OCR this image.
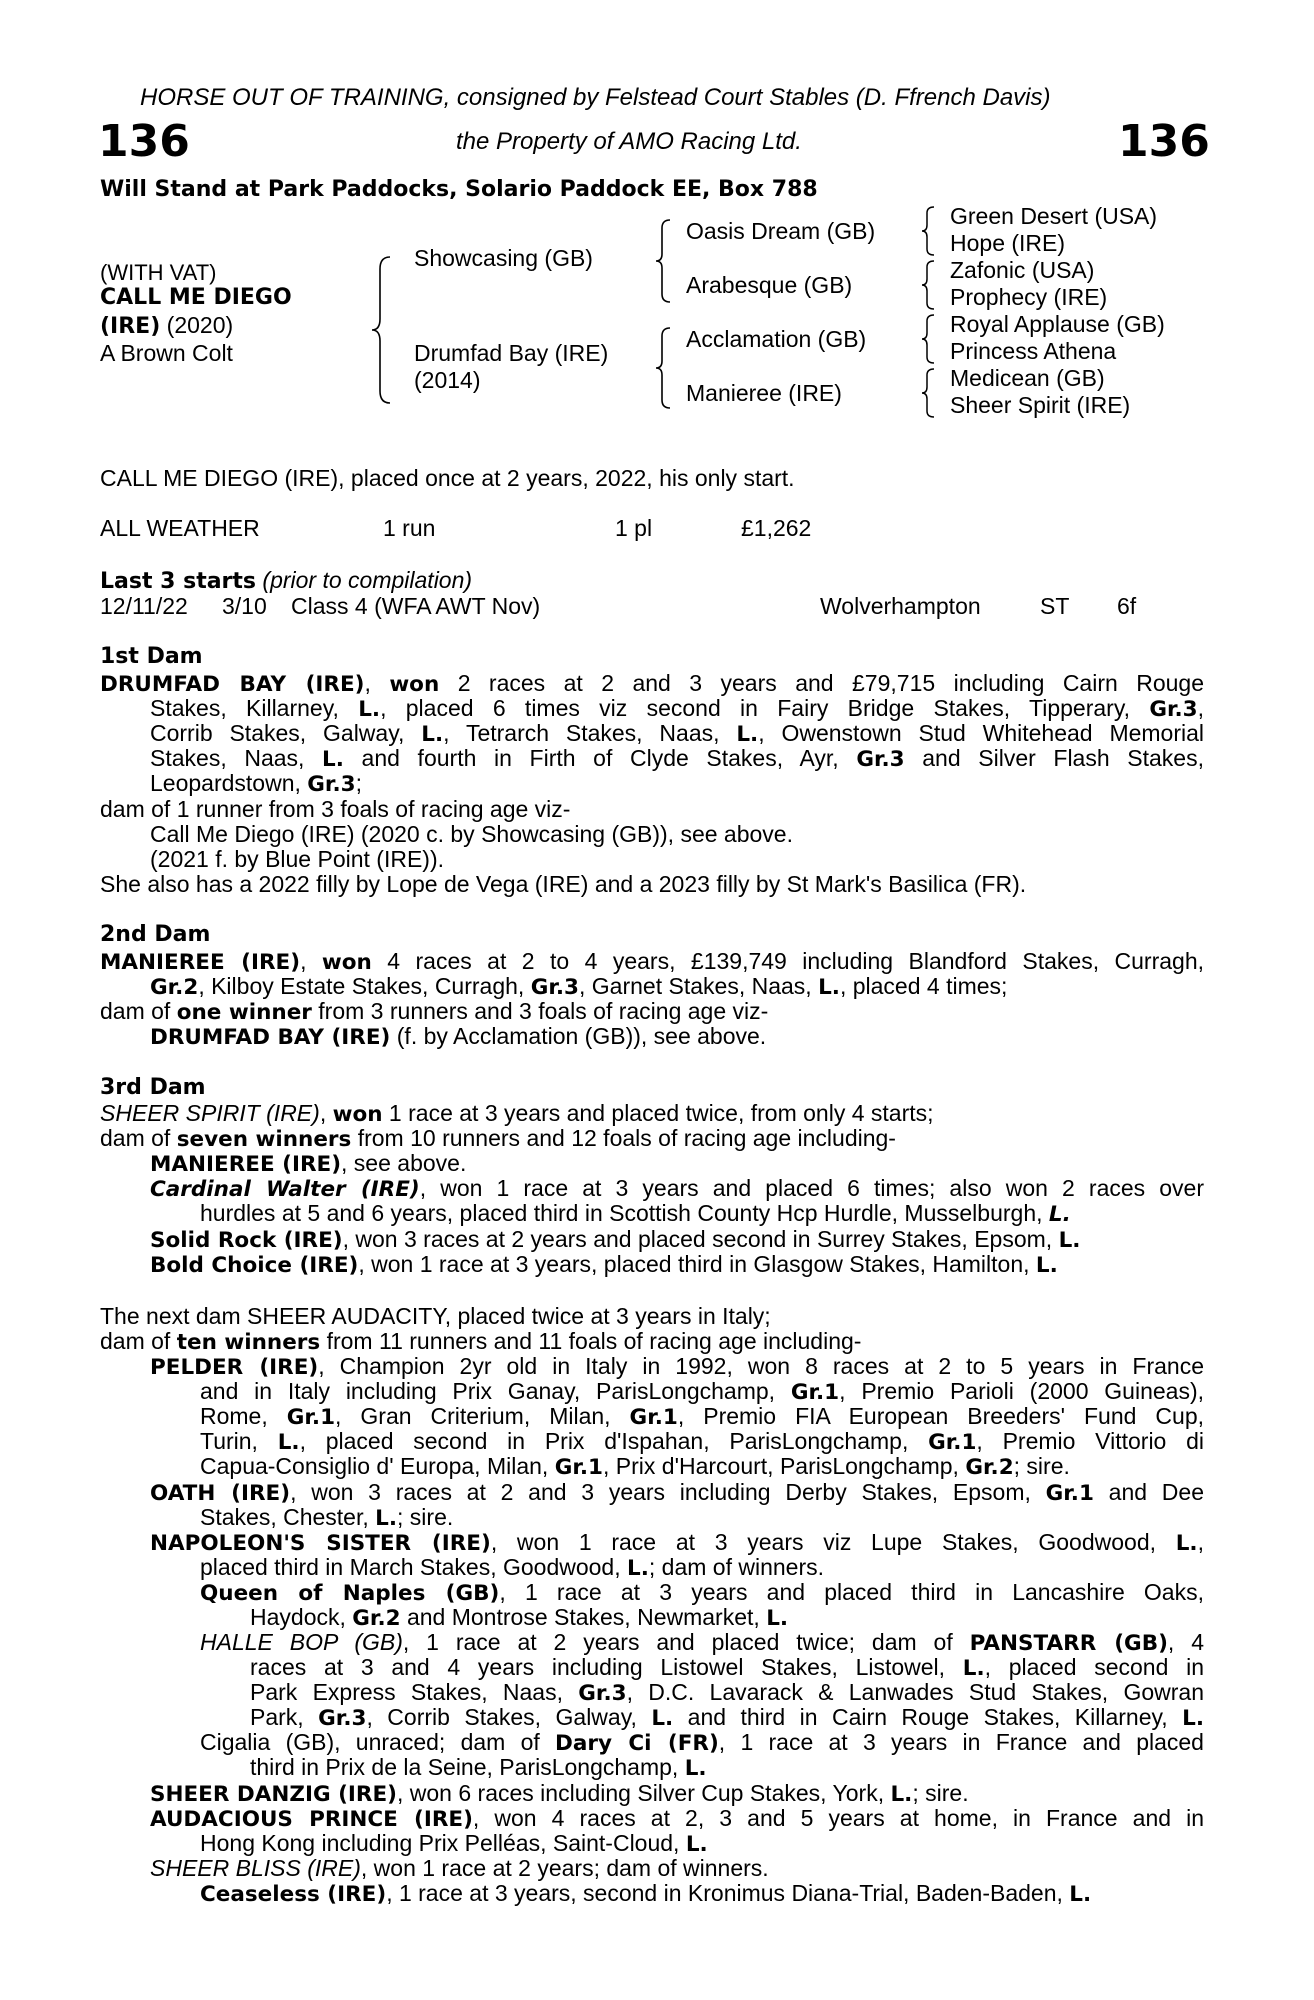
HORSE OUT OF TRAINING, consigned by Felstead Court Stables (D. Ffrench Davis)
136	the Property of AMO Racing Ltd.	136
Will Stand at Park Paddocks, Solario Paddock EE, Box 788
(WITH VAT)
CALL ME DIEGO
(IRE) (2020)
A Brown Colt
Showcasing (GB)
Drumfad Bay (IRE)
(2014)
Oasis Dream (GB)
Arabesque (GB)
Acclamation (GB)
Manieree (IRE)
Green Desert (USA)
Hope (IRE)
Zafonic (USA)
Prophecy (IRE)
Royal Applause (GB)
Princess Athena
Medicean (GB)
Sheer Spirit (IRE)
CALL ME DIEGO (IRE), placed once at 2 years, 2022, his only start.
ALL WEATHER	1 run	1 pl	£1,262
Last 3 starts (prior to compilation)
12/11/22 3/10 Class 4 (WFA AWT Nov)	Wolverhampton	ST 6f
1st Dam
DRUMFAD BAY (IRE), won 2 races at 2 and 3 years and £79,715 including Cairn Rouge
Stakes, Killarney, L., placed 6 times viz second in Fairy Bridge Stakes, Tipperary, Gr.3,
Corrib Stakes, Galway, L., Tetrarch Stakes, Naas, L., Owenstown Stud Whitehead Memorial
Stakes, Naas, L. and fourth in Firth of Clyde Stakes, Ayr, Gr.3 and Silver Flash Stakes,
Leopardstown, Gr.3;
dam of 1 runner from 3 foals of racing age viz-
Call Me Diego (IRE) (2020 c. by Showcasing (GB)), see above.
(2021 f. by Blue Point (IRE)).
She also has a 2022 filly by Lope de Vega (IRE) and a 2023 filly by St Mark's Basilica (FR).
2nd Dam
MANIEREE (IRE), won 4 races at 2 to 4 years, £139,749 including Blandford Stakes, Curragh,
Gr.2, Kilboy Estate Stakes, Curragh, Gr.3, Garnet Stakes, Naas, L., placed 4 times;
dam of one winner from 3 runners and 3 foals of racing age viz-
DRUMFAD BAY (IRE) (f. by Acclamation (GB)), see above.
3rd Dam
SHEER SPIRIT (IRE), won 1 race at 3 years and placed twice, from only 4 starts;
dam of seven winners from 10 runners and 12 foals of racing age including-
MANIEREE (IRE), see above.
Cardinal Walter (IRE), won 1 race at 3 years and placed 6 times; also won 2 races over
hurdles at 5 and 6 years, placed third in Scottish County Hcp Hurdle, Musselburgh, L.
Solid Rock (IRE), won 3 races at 2 years and placed second in Surrey Stakes, Epsom, L.
Bold Choice (IRE), won 1 race at 3 years, placed third in Glasgow Stakes, Hamilton, L.
The next dam SHEER AUDACITY, placed twice at 3 years in Italy;
dam of ten winners from 11 runners and 11 foals of racing age including-
PELDER (IRE), Champion 2yr old in Italy in 1992, won 8 races at 2 to 5 years in France
and in Italy including Prix Ganay, ParisLongchamp, Gr.1, Premio Parioli (2000 Guineas),
Rome, Gr.1, Gran Criterium, Milan, Gr.1, Premio FIA European Breeders' Fund Cup,
Turin, L., placed second in Prix d'Ispahan, ParisLongchamp, Gr.1, Premio Vittorio di
Capua-Consiglio d' Europa, Milan, Gr.1, Prix d'Harcourt, ParisLongchamp, Gr.2; sire.
OATH (IRE), won 3 races at 2 and 3 years including Derby Stakes, Epsom, Gr.1 and Dee
Stakes, Chester, L.; sire.
NAPOLEON'S SISTER (IRE), won 1 race at 3 years viz Lupe Stakes, Goodwood, L.,
placed third in March Stakes, Goodwood, L.; dam of winners.
Queen of Naples (GB), 1 race at 3 years and placed third in Lancashire Oaks,
Haydock, Gr.2 and Montrose Stakes, Newmarket, L.
HALLE BOP (GB), 1 race at 2 years and placed twice; dam of PANSTARR (GB), 4
races at 3 and 4 years including Listowel Stakes, Listowel, L., placed second in
Park Express Stakes, Naas, Gr.3, D.C. Lavarack & Lanwades Stud Stakes, Gowran
Park, Gr.3, Corrib Stakes, Galway, L. and third in Cairn Rouge Stakes, Killarney, L.
Cigalia (GB), unraced; dam of Dary Ci (FR), 1 race at 3 years in France and placed
third in Prix de la Seine, ParisLongchamp, L.
SHEER DANZIG (IRE), won 6 races including Silver Cup Stakes, York, L.; sire.
AUDACIOUS PRINCE (IRE), won 4 races at 2, 3 and 5 years at home, in France and in
Hong Kong including Prix Pelléas, Saint-Cloud, L.
SHEER BLISS (IRE), won 1 race at 2 years; dam of winners.
Ceaseless (IRE), 1 race at 3 years, second in Kronimus Diana-Trial, Baden-Baden, L.
